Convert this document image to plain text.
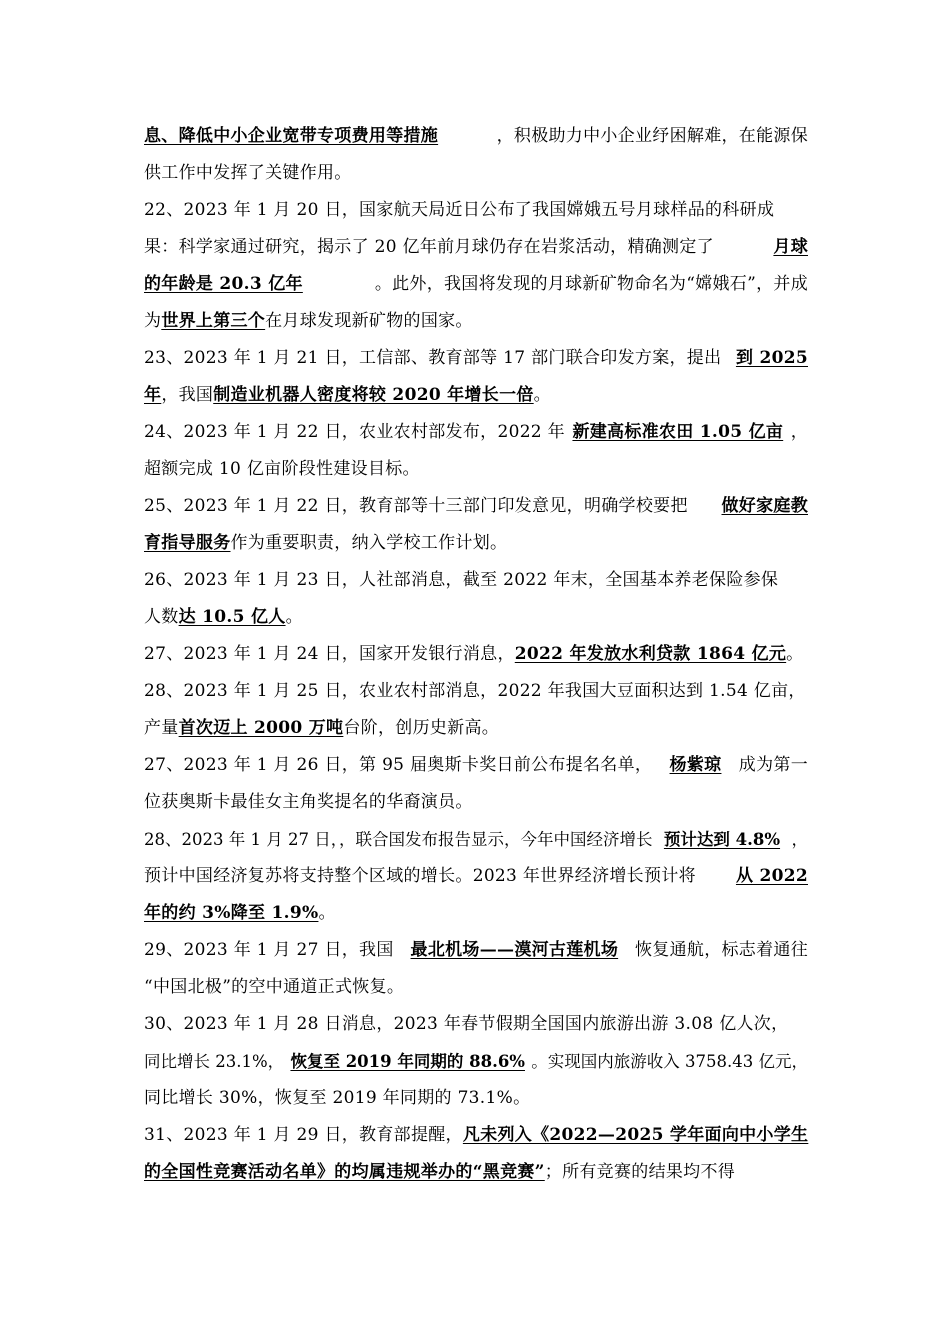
息、降低中小企业宽带专项费用等措施	，积极助力中小企业纾困解难，在能源保
供工作中发挥了关键作用。
22、2023 年 1 月 20 日，国家航天局近日公布了我国嫦娥五号月球样品的科研成
果：科学家通过研究，揭示了 20 亿年前月球仍存在岩浆活动，精确测定了	月球
的年龄是 20.3 亿年	。此外，我国将发现的月球新矿物命名为“嫦娥石”，并成
为世界上第三个在月球发现新矿物的国家。
23、2023 年 1 月 21 日，工信部、教育部等 17 部门联合印发方案，提出 到 2025
年，我国制造业机器人密度将较 2020 年增长一倍。
24、2023 年 1 月 22 日，农业农村部发布，2022 年 新建高标准农田 1.05 亿亩 ，
超额完成 10 亿亩阶段性建设目标。
25、2023 年 1 月 22 日，教育部等十三部门印发意见，明确学校要把 做好家庭教
育指导服务作为重要职责，纳入学校工作计划。
26、2023 年 1 月 23 日，人社部消息，截至 2022 年末，全国基本养老保险参保
人数达 10.5 亿人。
27、2023 年 1 月 24 日，国家开发银行消息，2022 年发放水利贷款 1864 亿元。
28、2023 年 1 月 25 日，农业农村部消息，2022 年我国大豆面积达到 1.54 亿亩，
产量首次迈上 2000 万吨台阶，创历史新高。
27、2023 年 1 月 26 日，第 95 届奥斯卡奖日前公布提名名单， 杨紫琼 成为第一
位获奥斯卡最佳女主角奖提名的华裔演员。
28、2023 年 1 月 27 日，，联合国发布报告显示，今年中国经济增长 预计达到 4.8% ，
预计中国经济复苏将支持整个区域的增长。2023 年世界经济增长预计将 从 2022
年的约 3%降至 1.9%。
29、2023 年 1 月 27 日，我国 最北机场——漠河古莲机场 恢复通航，标志着通往
“中国北极”的空中通道正式恢复。
30、2023 年 1 月 28 日消息，2023 年春节假期全国国内旅游出游 3.08 亿人次，
同比增长 23.1%， 恢复至 2019 年同期的 88.6% 。实现国内旅游收入 3758.43 亿元，
同比增长 30%，恢复至 2019 年同期的 73.1%。
31、2023 年 1 月 29 日，教育部提醒， 凡未列入《2022—2025 学年面向中小学生
的全国性竞赛活动名单》的均属违规举办的“黑竞赛”；所有竞赛的结果均不得
